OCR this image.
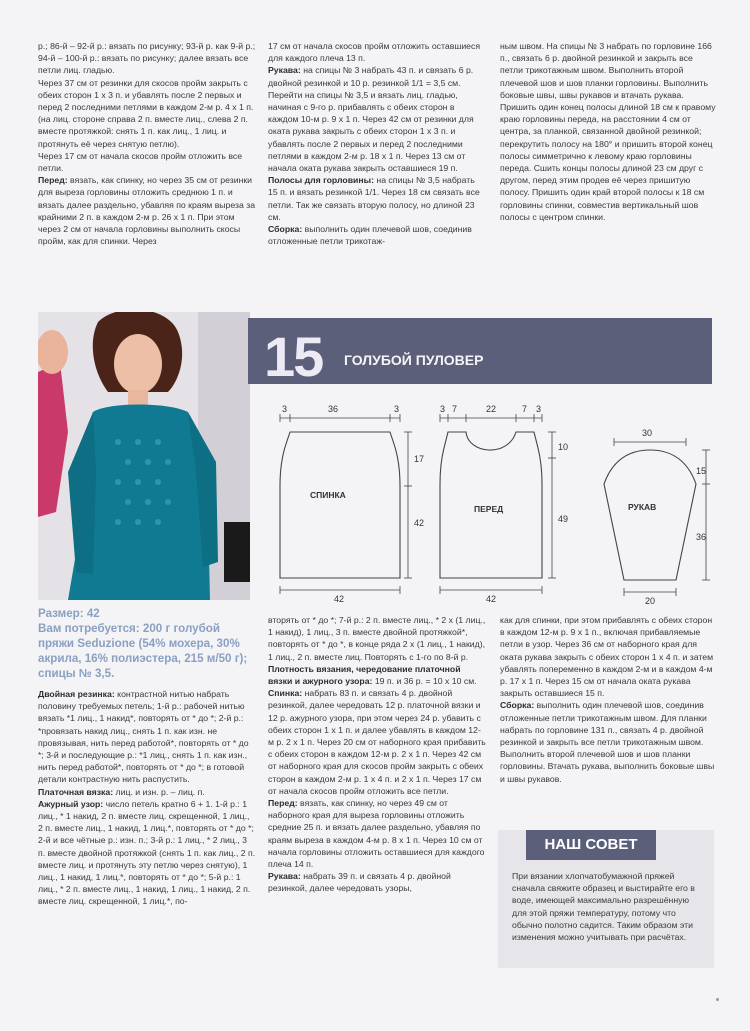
р.; 86-й – 92-й р.: вязать по рисунку; 93-й р. как 9-й р.; 94-й – 100-й р.: вязать по рисунку; далее вязать все петли лиц. гладью.

Через 37 см от резинки для скосов пройм закрыть с обеих сторон 1 х 3 п. и убавлять после 2 первых и перед 2 последними петлями в каждом 2-м р. 4 х 1 п. (на лиц. стороне справа 2 п. вместе лиц., слева 2 п. вместе протяжкой: снять 1 п. как лиц., 1 лиц. и протянуть её через снятую петлю).

Через 17 см от начала скосов пройм отложить все петли.

Перед: вязать, как спинку, но через 35 см от резинки для выреза горловины отложить среднюю 1 п. и вязать далее раздельно, убавляя по краям выреза за крайними 2 п. в каждом 2-м р. 26 х 1 п. При этом через 2 см от начала горловины выполнить скосы пройм, как для спинки. Через

17 см от начала скосов пройм отложить оставшиеся для каждого плеча 13 п.

Рукава: на спицы № 3 набрать 43 п. и связать 6 р. двойной резинкой и 10 р. резинкой 1/1 = 3,5 см. Перейти на спицы № 3,5 и вязать лиц. гладью, начиная с 9-го р. прибавлять с обеих сторон в каждом 10-м р. 9 х 1 п. Через 42 см от резинки для оката рукава закрыть с обеих сторон 1 х 3 п. и убавлять после 2 первых и перед 2 последними петлями в каждом 2-м р. 18 х 1 п. Через 13 см от начала оката рукава закрыть оставшиеся 19 п.

Полосы для горловины: на спицы № 3,5 набрать 15 п. и вязать резинкой 1/1. Через 18 см связать все петли. Так же связать вторую полосу, но длиной 23 см.

Сборка: выполнить один плечевой шов, соединив отложенные петли трикотаж-

ным швом. На спицы № 3 набрать по горловине 166 п., связать 6 р. двойной резинкой и закрыть все петли трикотажным швом. Выполнить второй плечевой шов и шов планки горловины. Выполнить боковые швы, швы рукавов и втачать рукава. Пришить один конец полосы длиной 18 см к правому краю горловины переда, на расстоянии 4 см от центра, за планкой, связанной двойной резинкой; перекрутить полосу на 180° и пришить второй конец полосы симметрично к левому краю горловины переда. Сшить концы полосы длиной 23 см друг с другом, перед этим продев её через пришитую полосу. Пришить один край второй полосы к 18 см горловины спинки, совместив вертикальный шов полосы с центром спинки.

15 ГОЛУБОЙ ПУЛОВЕР
3	36	3
17
42
42
СПИНКА
3 7	22	7 3
10
49
42
ПЕРЕД
30
15
36
20
РУКАВ
Размер: 42
Вам потребуется: 200 г голубой пряжи Seduzione (54% мохера, 30% акрила, 16% полиэстера, 215 м/50 г); спицы № 3,5.

Двойная резинка: контрастной нитью набрать половину требуемых петель; 1-й р.: рабочей нитью вязать *1 лиц., 1 накид*, повторять от * до *; 2-й р.: *провязать накид лиц., снять 1 п. как изн. не провязывая, нить перед работой*, повторять от * до *; 3-й и последующие р.: *1 лиц., снять 1 п. как изн., нить перед работой*, повторять от * до *; в готовой детали контрастную нить распустить.

Платочная вязка: лиц. и изн. р. – лиц. п.

Ажурный узор: число петель кратно 6 + 1. 1-й р.: 1 лиц., * 1 накид, 2 п. вместе лиц. скрещенной, 1 лиц., 2 п. вместе лиц., 1 накид, 1 лиц.*, повторять от * до *; 2-й и все чётные р.: изн. п.; 3-й р.: 1 лиц., * 2 лиц., 3 п. вместе двойной протяжкой (снять 1 п. как лиц., 2 п. вместе лиц. и протянуть эту петлю через снятую), 1 лиц., 1 накид, 1 лиц.*, повторять от * до *; 5-й р.: 1 лиц., * 2 п. вместе лиц., 1 накид, 1 лиц., 1 накид, 2 п. вместе лиц. скрещенной, 1 лиц.*, по-

вторять от * до *; 7-й р.: 2 п. вместе лиц., * 2 х (1 лиц., 1 накид), 1 лиц., 3 п. вместе двойной протяжкой*, повторять от * до *, в конце ряда 2 х (1 лиц., 1 накид), 1 лиц., 2 п. вместе лиц. Повторять с 1-го по 8-й р.

Плотность вязания, чередование платочной вязки и ажурного узора: 19 п. и 36 р. = 10 х 10 см.

Спинка: набрать 83 п. и связать 4 р. двойной резинкой, далее чередовать 12 р. платочной вязки и 12 р. ажурного узора, при этом через 24 р. убавить с обеих сторон 1 х 1 п. и далее убавлять в каждом 12-м р. 2 х 1 п. Через 20 см от наборного края прибавить с обеих сторон в каждом 12-м р. 2 х 1 п. Через 42 см от наборного края для скосов пройм закрыть с обеих сторон в каждом 2-м р. 1 х 4 п. и 2 х 1 п. Через 17 см от начала скосов пройм отложить все петли.

Перед: вязать, как спинку, но через 49 см от наборного края для выреза горловины отложить средние 25 п. и вязать далее раздельно, убавляя по краям выреза в каждом 4-м р. 8 х 1 п. Через 10 см от начала горловины отложить оставшиеся для каждого плеча 14 п.

Рукава: набрать 39 п. и связать 4 р. двойной резинкой, далее чередовать узоры,

как для спинки, при этом прибавлять с обеих сторон в каждом 12-м р. 9 х 1 п., включая прибавляемые петли в узор. Через 36 см от наборного края для оката рукава закрыть с обеих сторон 1 х 4 п. и затем убавлять попеременно в каждом 2-м и в каждом 4-м р. 17 х 1 п. Через 15 см от начала оката рукава закрыть оставшиеся 15 п.

Сборка: выполнить один плечевой шов, соединив отложенные петли трикотажным швом. Для планки набрать по горловине 131 п., связать 4 р. двойной резинкой и закрыть все петли трикотажным швом. Выполнить второй плечевой шов и шов планки горловины. Втачать рукава, выполнить боковые швы и швы рукавов.

НАШ СОВЕТ
При вязании хлопчатобумажной пряжей сначала свяжите образец и выстирайте его в воде, имеющей максимально разрешённую для этой пряжи температуру, потому что обычно полотно садится. Таким образом эти изменения можно учитывать при расчётах.
